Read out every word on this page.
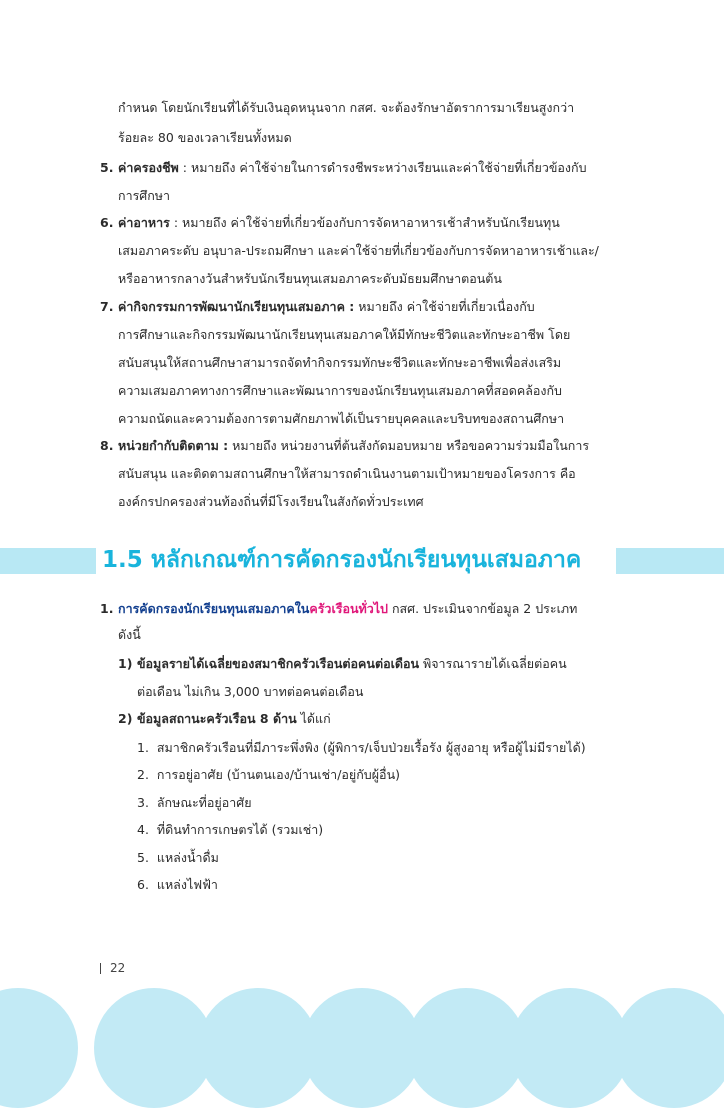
กำหนด โดยนักเรียนที่ได้รับเงินอุดหนุนจาก กสศ. จะต้องรักษาอัตราการมาเรียนสูงกว่า
ร้อยละ 80 ของเวลาเรียนทั้งหมด
5. ค่าครองชีพ : หมายถึง ค่าใช้จ่ายในการดำรงชีพระหว่างเรียนและค่าใช้จ่ายที่เกี่ยวข้องกับ
การศึกษา
6. ค่าอาหาร : หมายถึง ค่าใช้จ่ายที่เกี่ยวข้องกับการจัดหาอาหารเช้าสำหรับนักเรียนทุน
เสมอภาคระดับ อนุบาล-ประถมศึกษา และค่าใช้จ่ายที่เกี่ยวข้องกับการจัดหาอาหารเช้าและ/
หรืออาหารกลางวันสำหรับนักเรียนทุนเสมอภาคระดับมัธยมศึกษาตอนต้น
7. ค่ากิจกรรมการพัฒนานักเรียนทุนเสมอภาค : หมายถึง ค่าใช้จ่ายที่เกี่ยวเนื่องกับ
การศึกษาและกิจกรรมพัฒนานักเรียนทุนเสมอภาคให้มีทักษะชีวิตและทักษะอาชีพ โดย
สนับสนุนให้สถานศึกษาสามารถจัดทำกิจกรรมทักษะชีวิตและทักษะอาชีพเพื่อส่งเสริม
ความเสมอภาคทางการศึกษาและพัฒนาการของนักเรียนทุนเสมอภาคที่สอดคล้องกับ
ความถนัดและความต้องการตามศักยภาพได้เป็นรายบุคคลและบริบทของสถานศึกษา
8. หน่วยกำกับติดตาม : หมายถึง หน่วยงานที่ต้นสังกัดมอบหมาย หรือขอความร่วมมือในการ
สนับสนุน และติดตามสถานศึกษาให้สามารถดำเนินงานตามเป้าหมายของโครงการ คือ
องค์กรปกครองส่วนท้องถิ่นที่มีโรงเรียนในสังกัดทั่วประเทศ
1.5 หลักเกณฑ์การคัดกรองนักเรียนทุนเสมอภาค
1. การคัดกรองนักเรียนทุนเสมอภาคในครัวเรือนทั่วไป กสศ. ประเมินจากข้อมูล 2 ประเภท
ดังนี้
1) ข้อมูลรายได้เฉลี่ยของสมาชิกครัวเรือนต่อคนต่อเดือน พิจารณารายได้เฉลี่ยต่อคน
ต่อเดือน ไม่เกิน 3,000 บาทต่อคนต่อเดือน
2) ข้อมูลสถานะครัวเรือน 8 ด้าน ได้แก่
1. สมาชิกครัวเรือนที่มีภาระพึ่งพิง (ผู้พิการ/เจ็บป่วยเรื้อรัง ผู้สูงอายุ หรือผู้ไม่มีรายได้)
2. การอยู่อาศัย (บ้านตนเอง/บ้านเช่า/อยู่กับผู้อื่น)
3. ลักษณะที่อยู่อาศัย
4. ที่ดินทำการเกษตรได้ (รวมเช่า)
5. แหล่งน้ำดื่ม
6. แหล่งไฟฟ้า
22
